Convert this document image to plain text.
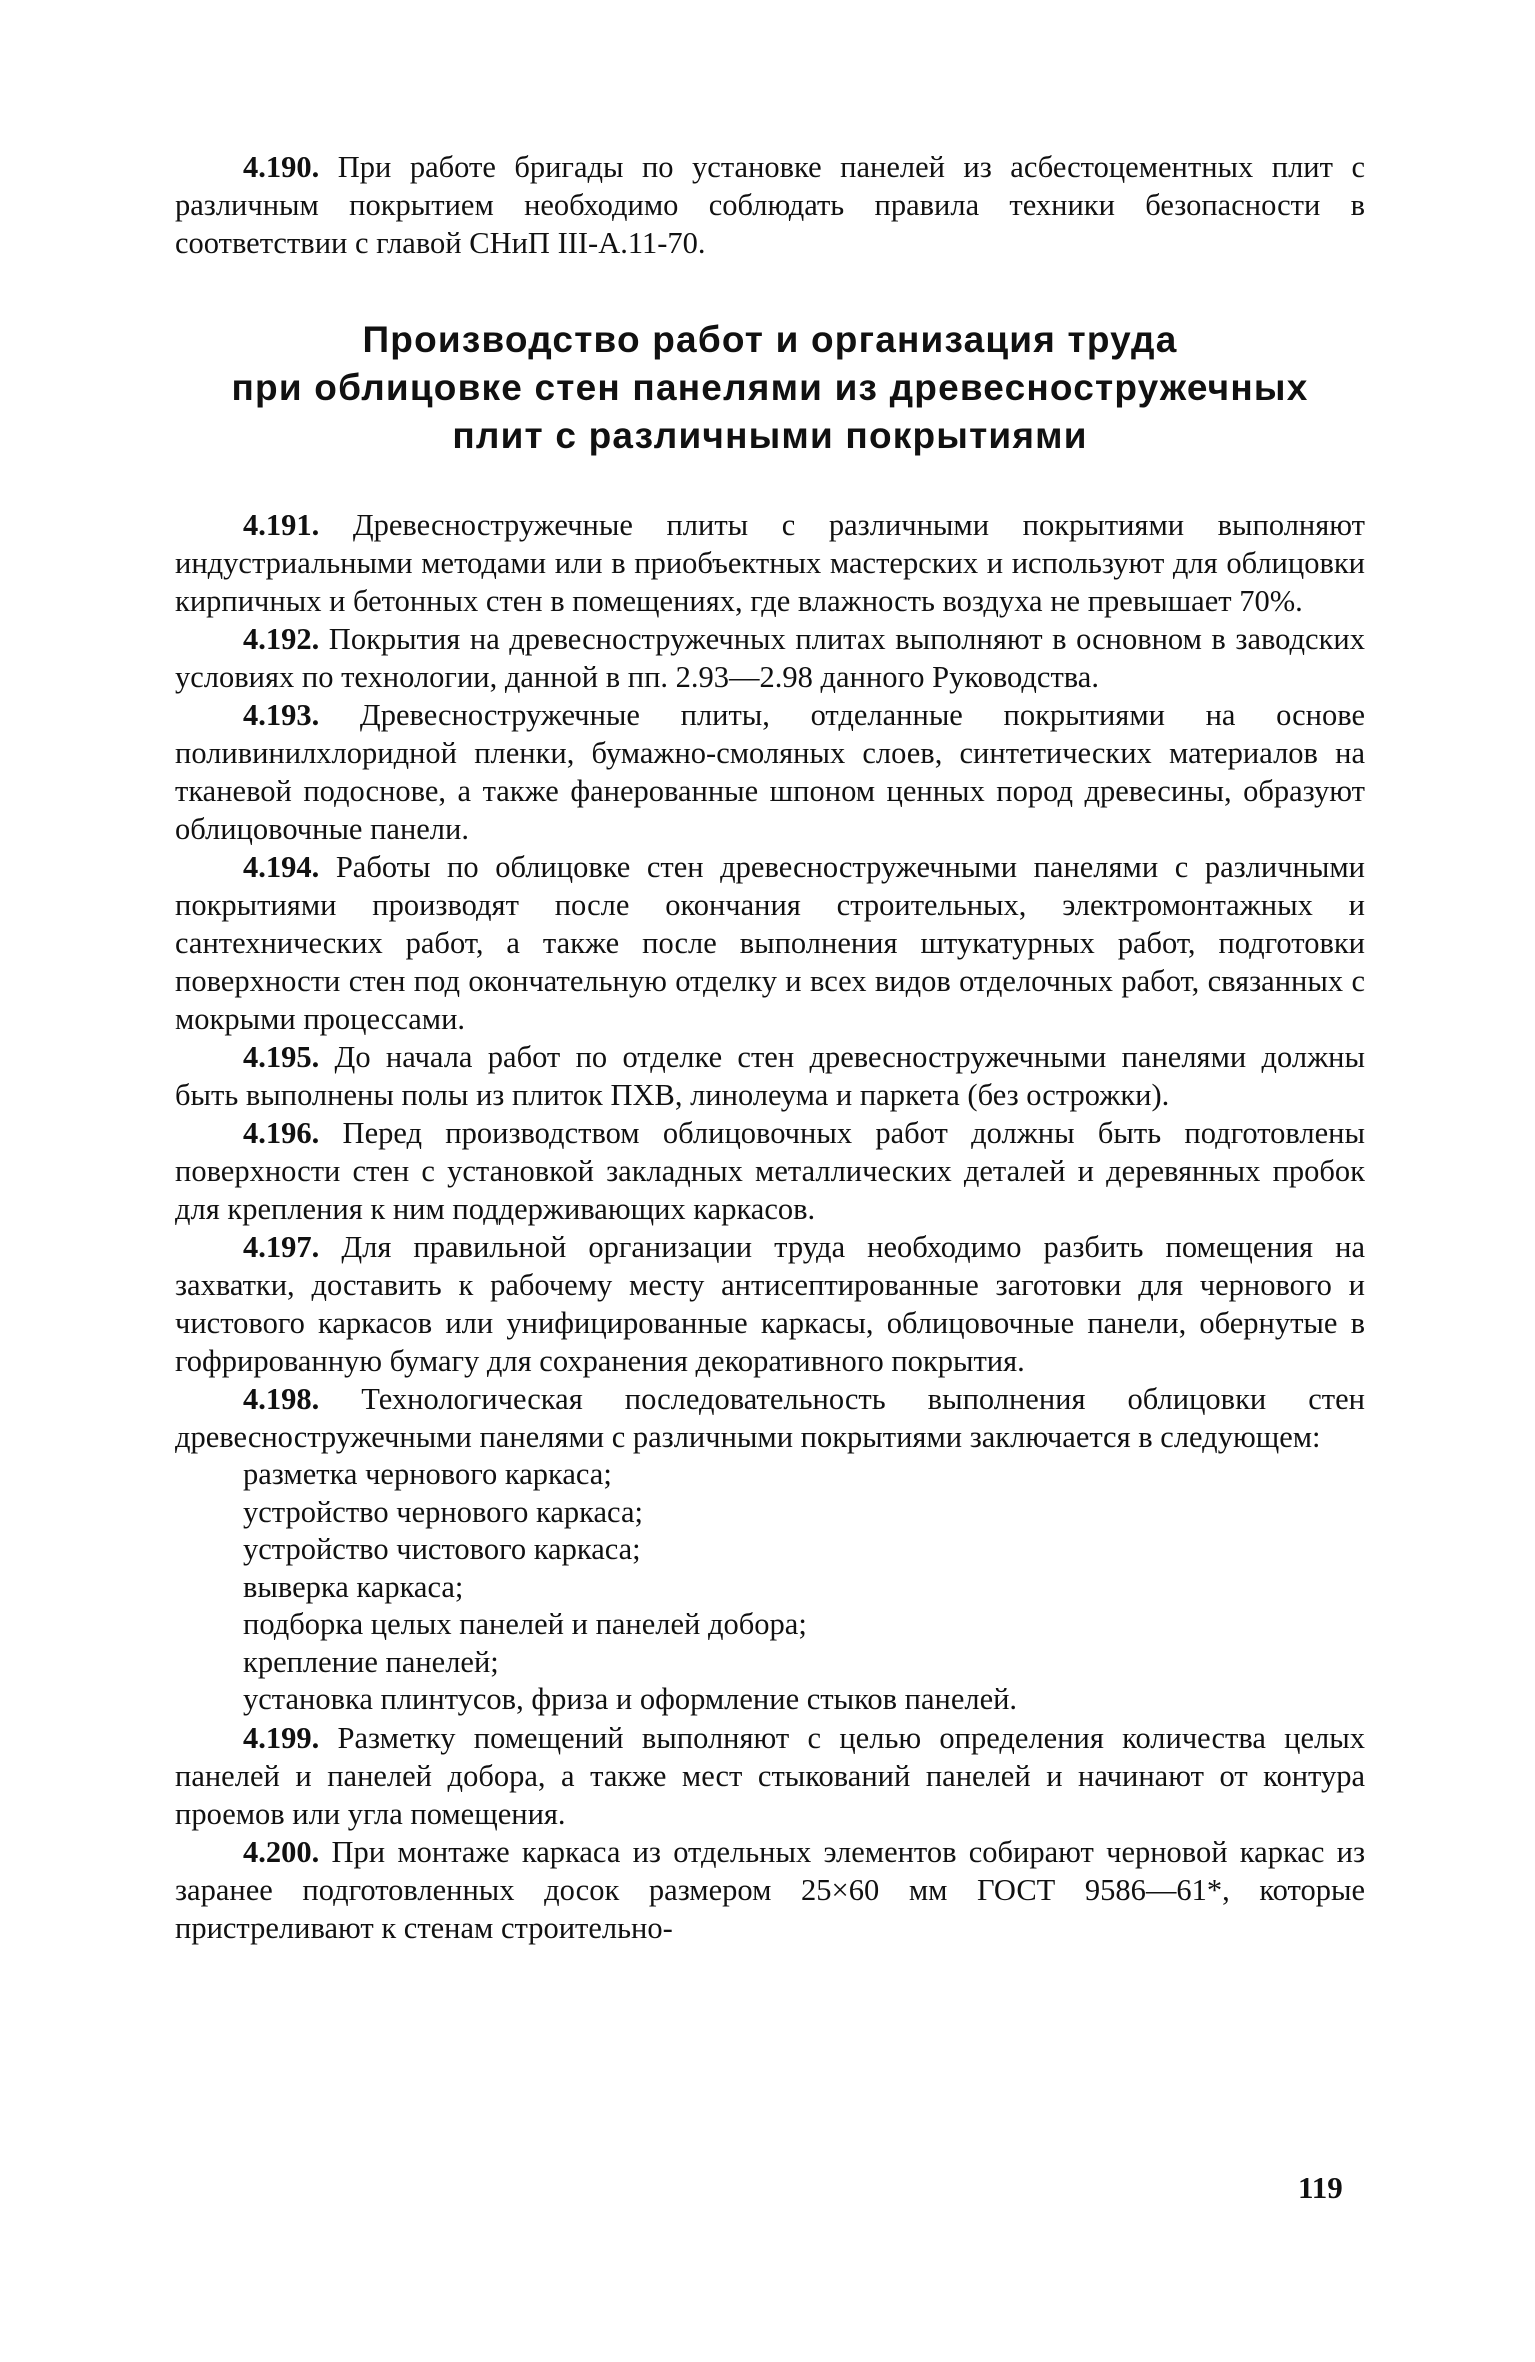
4.190. При работе бригады по установке панелей из асбестоцементных плит с различным покрытием необходимо соблюдать правила техники безопасности в соответствии с главой СНиП III-А.11-70.

Производство работ и организация труда
при облицовке стен панелями из древесностружечных
плит с различными покрытиями

4.191. Древесностружечные плиты с различными покрытиями выполняют индустриальными методами или в приобъектных мастерских и используют для облицовки кирпичных и бетонных стен в помещениях, где влажность воздуха не превышает 70%.

4.192. Покрытия на древесностружечных плитах выполняют в основном в заводских условиях по технологии, данной в пп. 2.93—2.98 данного Руководства.

4.193. Древесностружечные плиты, отделанные покрытиями на основе поливинилхлоридной пленки, бумажно-смоляных слоев, синтетических материалов на тканевой подоснове, а также фанерованные шпоном ценных пород древесины, образуют облицовочные панели.

4.194. Работы по облицовке стен древесностружечными панелями с различными покрытиями производят после окончания строительных, электромонтажных и сантехнических работ, а также после выполнения штукатурных работ, подготовки поверхности стен под окончательную отделку и всех видов отделочных работ, связанных с мокрыми процессами.

4.195. До начала работ по отделке стен древесностружечными панелями должны быть выполнены полы из плиток ПХВ, линолеума и паркета (без острожки).

4.196. Перед производством облицовочных работ должны быть подготовлены поверхности стен с установкой закладных металлических деталей и деревянных пробок для крепления к ним поддерживающих каркасов.

4.197. Для правильной организации труда необходимо разбить помещения на захватки, доставить к рабочему месту антисептированные заготовки для чернового и чистового каркасов или унифицированные каркасы, облицовочные панели, обернутые в гофрированную бумагу для сохранения декоративного покрытия.

4.198. Технологическая последовательность выполнения облицовки стен древесностружечными панелями с различными покрытиями заключается в следующем:

разметка чернового каркаса;
устройство чернового каркаса;
устройство чистового каркаса;
выверка каркаса;
подборка целых панелей и панелей добора;
крепление панелей;
установка плинтусов, фриза и оформление стыков панелей.

4.199. Разметку помещений выполняют с целью определения количества целых панелей и панелей добора, а также мест стыкований панелей и начинают от контура проемов или угла помещения.

4.200. При монтаже каркаса из отдельных элементов собирают черновой каркас из заранее подготовленных досок размером 25×60 мм ГОСТ 9586—61*, которые пристреливают к стенам строительно-

119
